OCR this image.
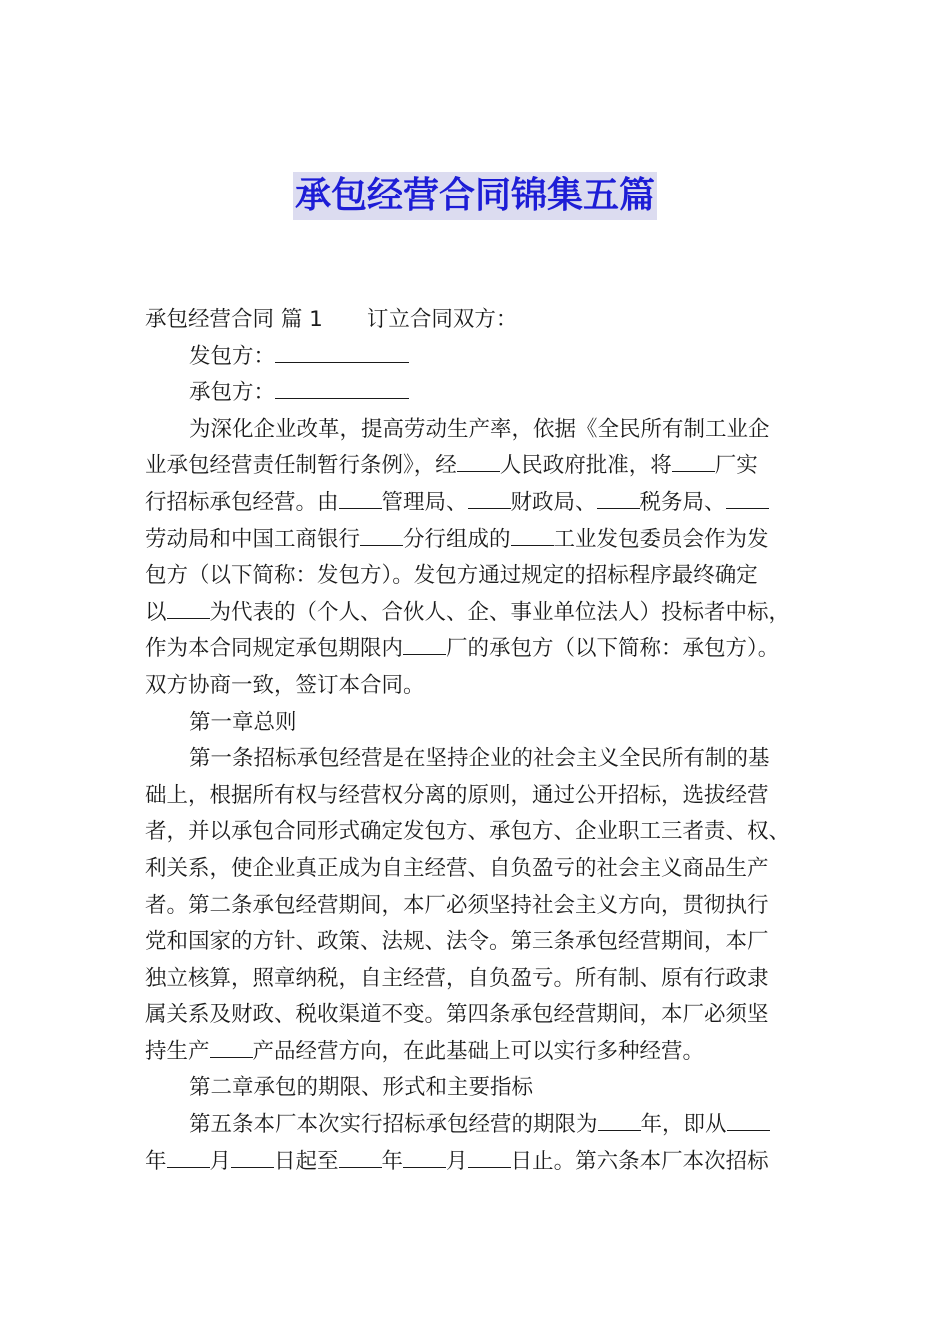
承包经营合同锦集五篇
承包经营合同 篇 1 订立合同双方：
发包方：
承包方：
为深化企业改革，提高劳动生产率，依据《全民所有制工业企
业承包经营责任制暂行条例》，经 人民政府批准，将 厂实
行招标承包经营。由 管理局、 财政局、 税务局、
劳动局和中国工商银行 分行组成的 工业发包委员会作为发
包方（以下简称：发包方）。发包方通过规定的招标程序最终确定
以 为代表的（个人、合伙人、企、事业单位法人）投标者中标，
作为本合同规定承包期限内 厂的承包方（以下简称：承包方）。
双方协商一致，签订本合同。
第一章总则
第一条招标承包经营是在坚持企业的社会主义全民所有制的基
础上，根据所有权与经营权分离的原则，通过公开招标，选拔经营
者，并以承包合同形式确定发包方、承包方、企业职工三者责、权、
利关系，使企业真正成为自主经营、自负盈亏的社会主义商品生产
者。第二条承包经营期间，本厂必须坚持社会主义方向，贯彻执行
党和国家的方针、政策、法规、法令。第三条承包经营期间，本厂
独立核算，照章纳税，自主经营，自负盈亏。所有制、原有行政隶
属关系及财政、税收渠道不变。第四条承包经营期间，本厂必须坚
持生产 产品经营方向，在此基础上可以实行多种经营。
第二章承包的期限、形式和主要指标
第五条本厂本次实行招标承包经营的期限为 年，即从
年 月 日起至 年 月 日止。第六条本厂本次招标
